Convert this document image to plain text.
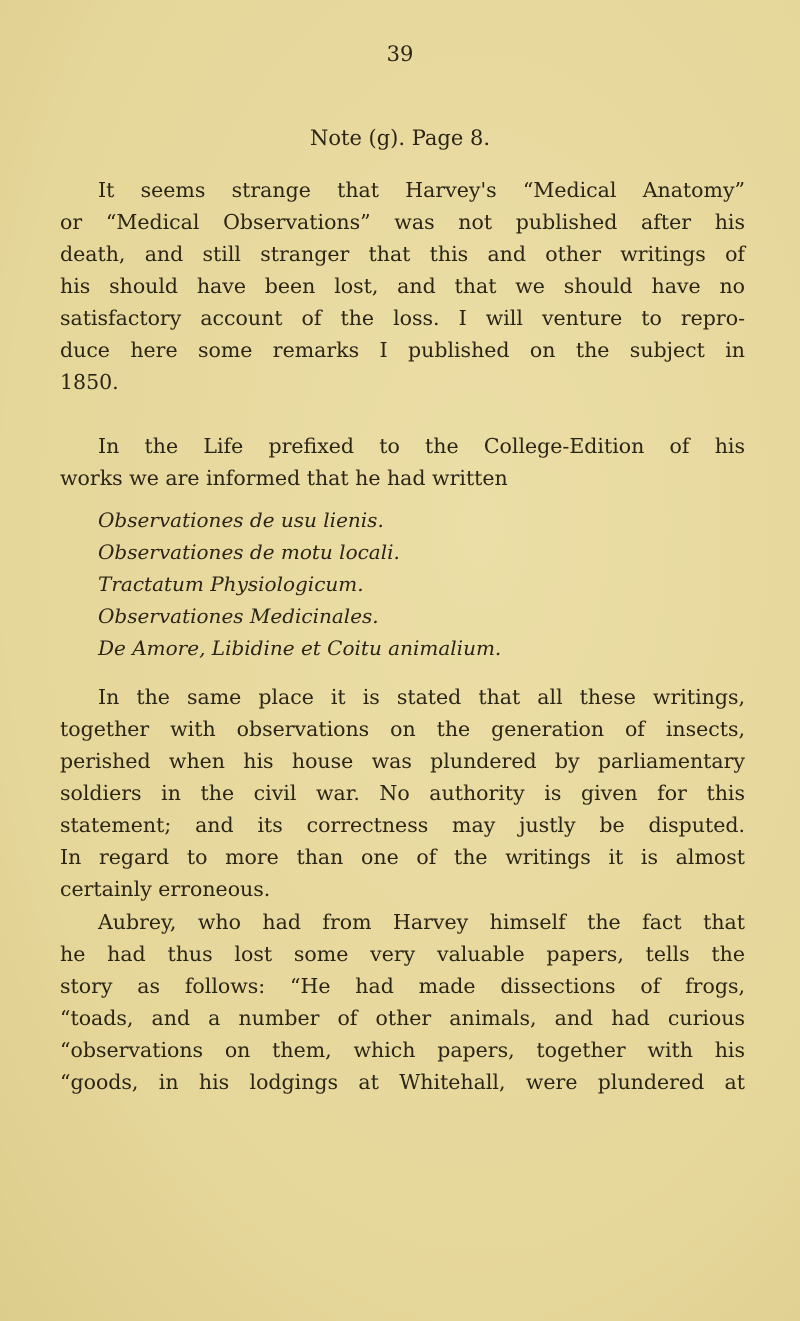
39
Note (g). Page 8.
It seems strange that Harvey's “Medical Anatomy”
or “Medical Observations” was not published after his
death, and still stranger that this and other writings of
his should have been lost, and that we should have no
satisfactory account of the loss. I will venture to repro-
duce here some remarks I published on the subject in
1850.
In the Life prefixed to the College-Edition of his
works we are informed that he had written
Observationes de usu lienis.
Observationes de motu locali.
Tractatum Physiologicum.
Observationes Medicinales.
De Amore, Libidine et Coitu animalium.
In the same place it is stated that all these writings,
together with observations on the generation of insects,
perished when his house was plundered by parliamentary
soldiers in the civil war. No authority is given for this
statement; and its correctness may justly be disputed.
In regard to more than one of the writings it is almost
certainly erroneous.
Aubrey, who had from Harvey himself the fact that
he had thus lost some very valuable papers, tells the
story as follows: “He had made dissections of frogs,
“toads, and a number of other animals, and had curious
“observations on them, which papers, together with his
“goods, in his lodgings at Whitehall, were plundered at
